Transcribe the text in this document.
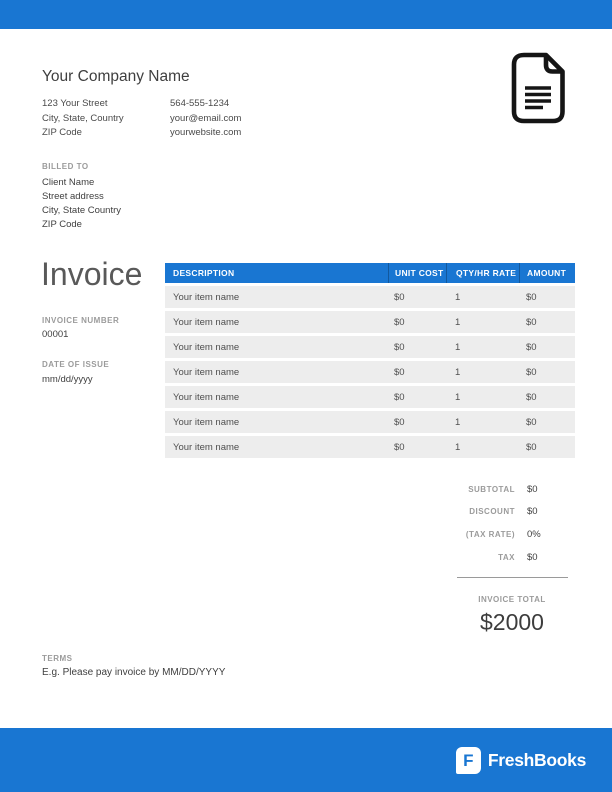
Your Company Name
123 Your Street
City, State, Country
ZIP Code
564-555-1234
your@email.com
yourwebsite.com
BILLED TO
Client Name
Street address
City, State Country
ZIP Code
Invoice
INVOICE NUMBER
00001
DATE OF ISSUE
mm/dd/yyyy
DESCRIPTION	UNIT COST	QTY/HR RATE	AMOUNT
Your item name	$0	1	$0
Your item name	$0	1	$0
Your item name	$0	1	$0
Your item name	$0	1	$0
Your item name	$0	1	$0
Your item name	$0	1	$0
Your item name	$0	1	$0
SUBTOTAL	$0
DISCOUNT	$0
(TAX RATE)	0%
TAX	$0
INVOICE TOTAL
$2000
TERMS
E.g. Please pay invoice by MM/DD/YYYY
F FreshBooks
